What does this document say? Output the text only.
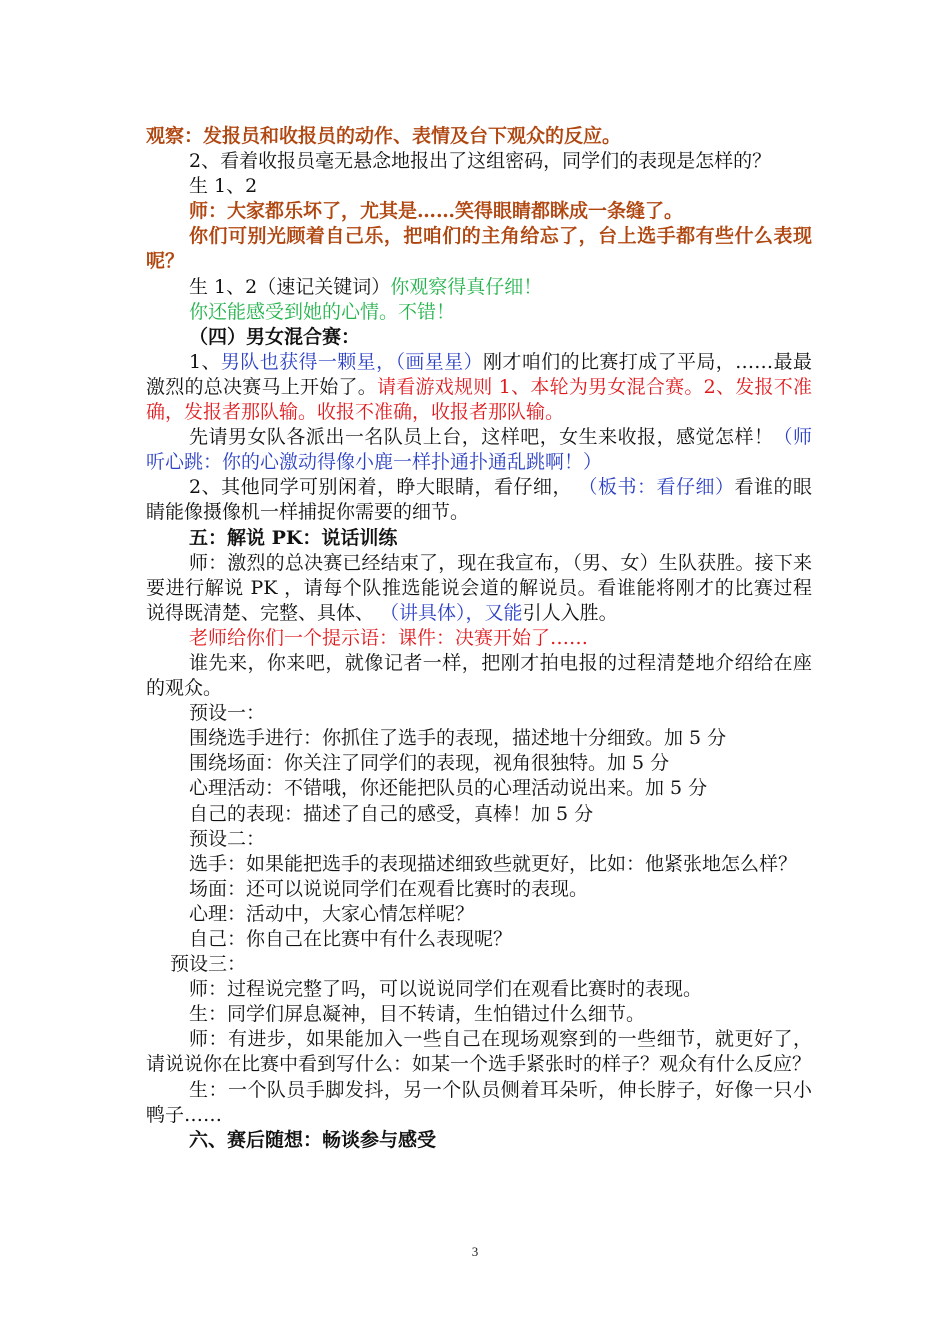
观察：发报员和收报员的动作、表情及台下观众的反应。

2、看着收报员毫无悬念地报出了这组密码，同学们的表现是怎样的？

生 1、2

师：大家都乐坏了，尤其是……笑得眼睛都眯成一条缝了。

你们可别光顾着自己乐，把咱们的主角给忘了，台上选手都有些什么表现呢？

生 1、2（速记关键词）你观察得真仔细！

你还能感受到她的心情。不错！

（四）男女混合赛：

1、男队也获得一颗星，（画星星）刚才咱们的比赛打成了平局，……最最激烈的总决赛马上开始了。请看游戏规则 1、本轮为男女混合赛。2、发报不准确，发报者那队输。收报不准确，收报者那队输。

先请男女队各派出一名队员上台，这样吧，女生来收报，感觉怎样！（师听心跳：你的心激动得像小鹿一样扑通扑通乱跳啊！）

2、其他同学可别闲着，睁大眼睛，看仔细， （板书：看仔细）看谁的眼睛能像摄像机一样捕捉你需要的细节。

五：解说 PK：说话训练

师：激烈的总决赛已经结束了，现在我宣布，（男、女）生队获胜。接下来要进行解说 PK ，请每个队推选能说会道的解说员。看谁能将刚才的比赛过程说得既清楚、完整、具体、 （讲具体），又能引人入胜。

老师给你们一个提示语：课件：决赛开始了……

谁先来，你来吧，就像记者一样，把刚才拍电报的过程清楚地介绍给在座的观众。

预设一：

围绕选手进行：你抓住了选手的表现，描述地十分细致。加 5 分

围绕场面：你关注了同学们的表现，视角很独特。加 5 分

心理活动：不错哦，你还能把队员的心理活动说出来。加 5 分

自己的表现：描述了自己的感受，真棒！加 5 分

预设二：

选手：如果能把选手的表现描述细致些就更好，比如：他紧张地怎么样？

场面：还可以说说同学们在观看比赛时的表现。

心理：活动中，大家心情怎样呢？

自己：你自己在比赛中有什么表现呢？

预设三：

师：过程说完整了吗，可以说说同学们在观看比赛时的表现。

生：同学们屏息凝神，目不转请，生怕错过什么细节。

师：有进步，如果能加入一些自己在现场观察到的一些细节，就更好了，请说说你在比赛中看到写什么：如某一个选手紧张时的样子？观众有什么反应？

生：一个队员手脚发抖，另一个队员侧着耳朵听，伸长脖子，好像一只小鸭子……

六、赛后随想：畅谈参与感受

3
